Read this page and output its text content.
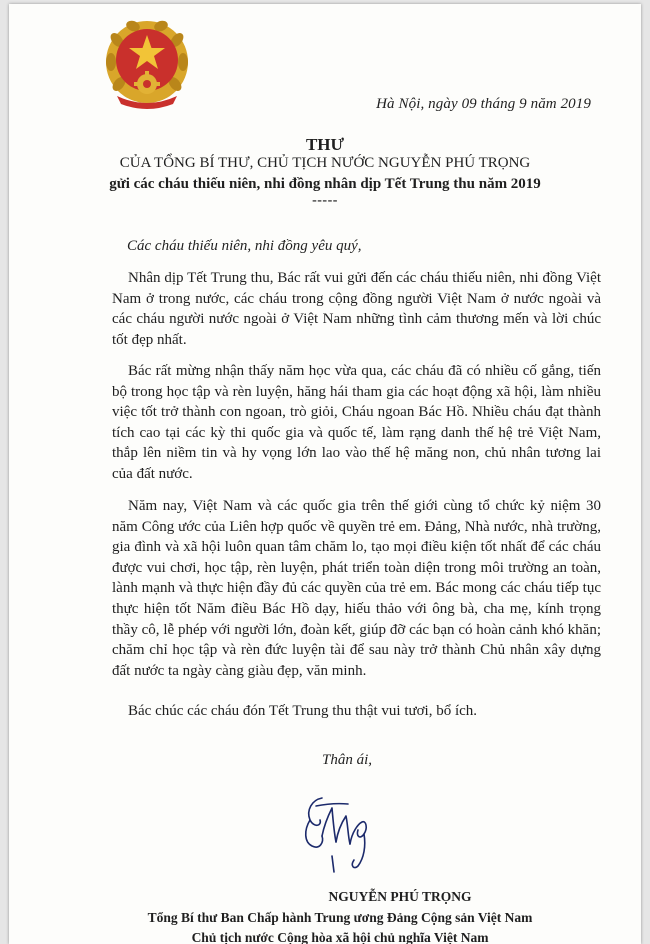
Hà Nội, ngày 09 tháng 9 năm 2019
THƯ
CỦA TỔNG BÍ THƯ, CHỦ TỊCH NƯỚC NGUYỄN PHÚ TRỌNG
gửi các cháu thiếu niên, nhi đồng nhân dịp Tết Trung thu năm 2019
-----
Các cháu thiếu niên, nhi đồng yêu quý,

Nhân dịp Tết Trung thu, Bác rất vui gửi đến các cháu thiếu niên, nhi đồng Việt Nam ở trong nước, các cháu trong cộng đồng người Việt Nam ở nước ngoài và các cháu người nước ngoài ở Việt Nam những tình cảm thương mến và lời chúc tốt đẹp nhất.

Bác rất mừng nhận thấy năm học vừa qua, các cháu đã có nhiều cố gắng, tiến bộ trong học tập và rèn luyện, hăng hái tham gia các hoạt động xã hội, làm nhiều việc tốt trở thành con ngoan, trò giỏi, Cháu ngoan Bác Hồ. Nhiều cháu đạt thành tích cao tại các kỳ thi quốc gia và quốc tế, làm rạng danh thế hệ trẻ Việt Nam, thắp lên niềm tin và hy vọng lớn lao vào thế hệ măng non, chủ nhân tương lai của đất nước.

Năm nay, Việt Nam và các quốc gia trên thế giới cùng tổ chức kỷ niệm 30 năm Công ước của Liên hợp quốc về quyền trẻ em. Đảng, Nhà nước, nhà trường, gia đình và xã hội luôn quan tâm chăm lo, tạo mọi điều kiện tốt nhất để các cháu được vui chơi, học tập, rèn luyện, phát triển toàn diện trong môi trường an toàn, lành mạnh và thực hiện đầy đủ các quyền của trẻ em. Bác mong các cháu tiếp tục thực hiện tốt Năm điều Bác Hồ dạy, hiếu thảo với ông bà, cha mẹ, kính trọng thầy cô, lễ phép với người lớn, đoàn kết, giúp đỡ các bạn có hoàn cảnh khó khăn; chăm chỉ học tập và rèn đức luyện tài để sau này trở thành Chủ nhân xây dựng đất nước ta ngày càng giàu đẹp, văn minh.

Bác chúc các cháu đón Tết Trung thu thật vui tươi, bổ ích.

Thân ái,
NGUYỄN PHÚ TRỌNG
Tổng Bí thư Ban Chấp hành Trung ương Đảng Cộng sản Việt Nam
Chủ tịch nước Cộng hòa xã hội chủ nghĩa Việt Nam
